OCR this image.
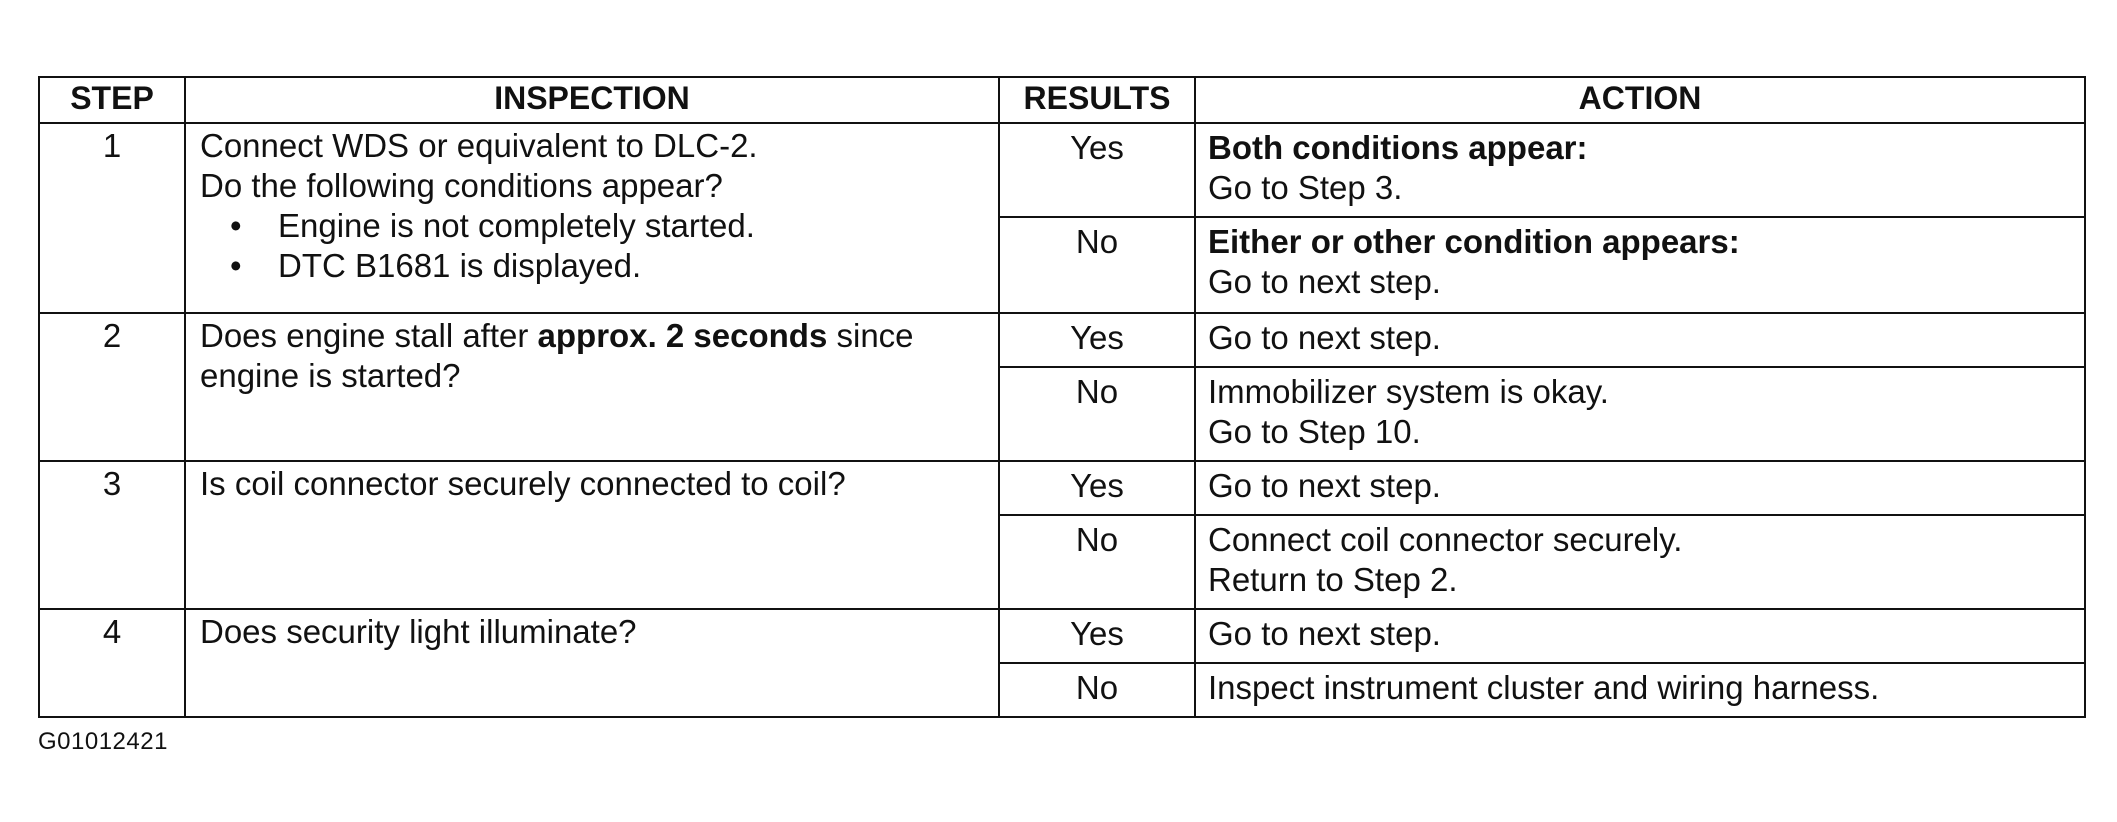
STEP	INSPECTION	RESULTS	ACTION
1	Connect WDS or equivalent to DLC-2.
Do the following conditions appear?
• Engine is not completely started.
• DTC B1681 is displayed.	Yes	Both conditions appear:
Go to Step 3.

		No	Either or other condition appears:
Go to next step.

2	Does engine stall after approx. 2 seconds since
engine is started?	Yes	Go to next step.

		No	Immobilizer system is okay.
Go to Step 10.

3	Is coil connector securely connected to coil?	Yes	Go to next step.

		No	Connect coil connector securely.
Return to Step 2.

4	Does security light illuminate?	Yes	Go to next step.

		No	Inspect instrument cluster and wiring harness.
G01012421
